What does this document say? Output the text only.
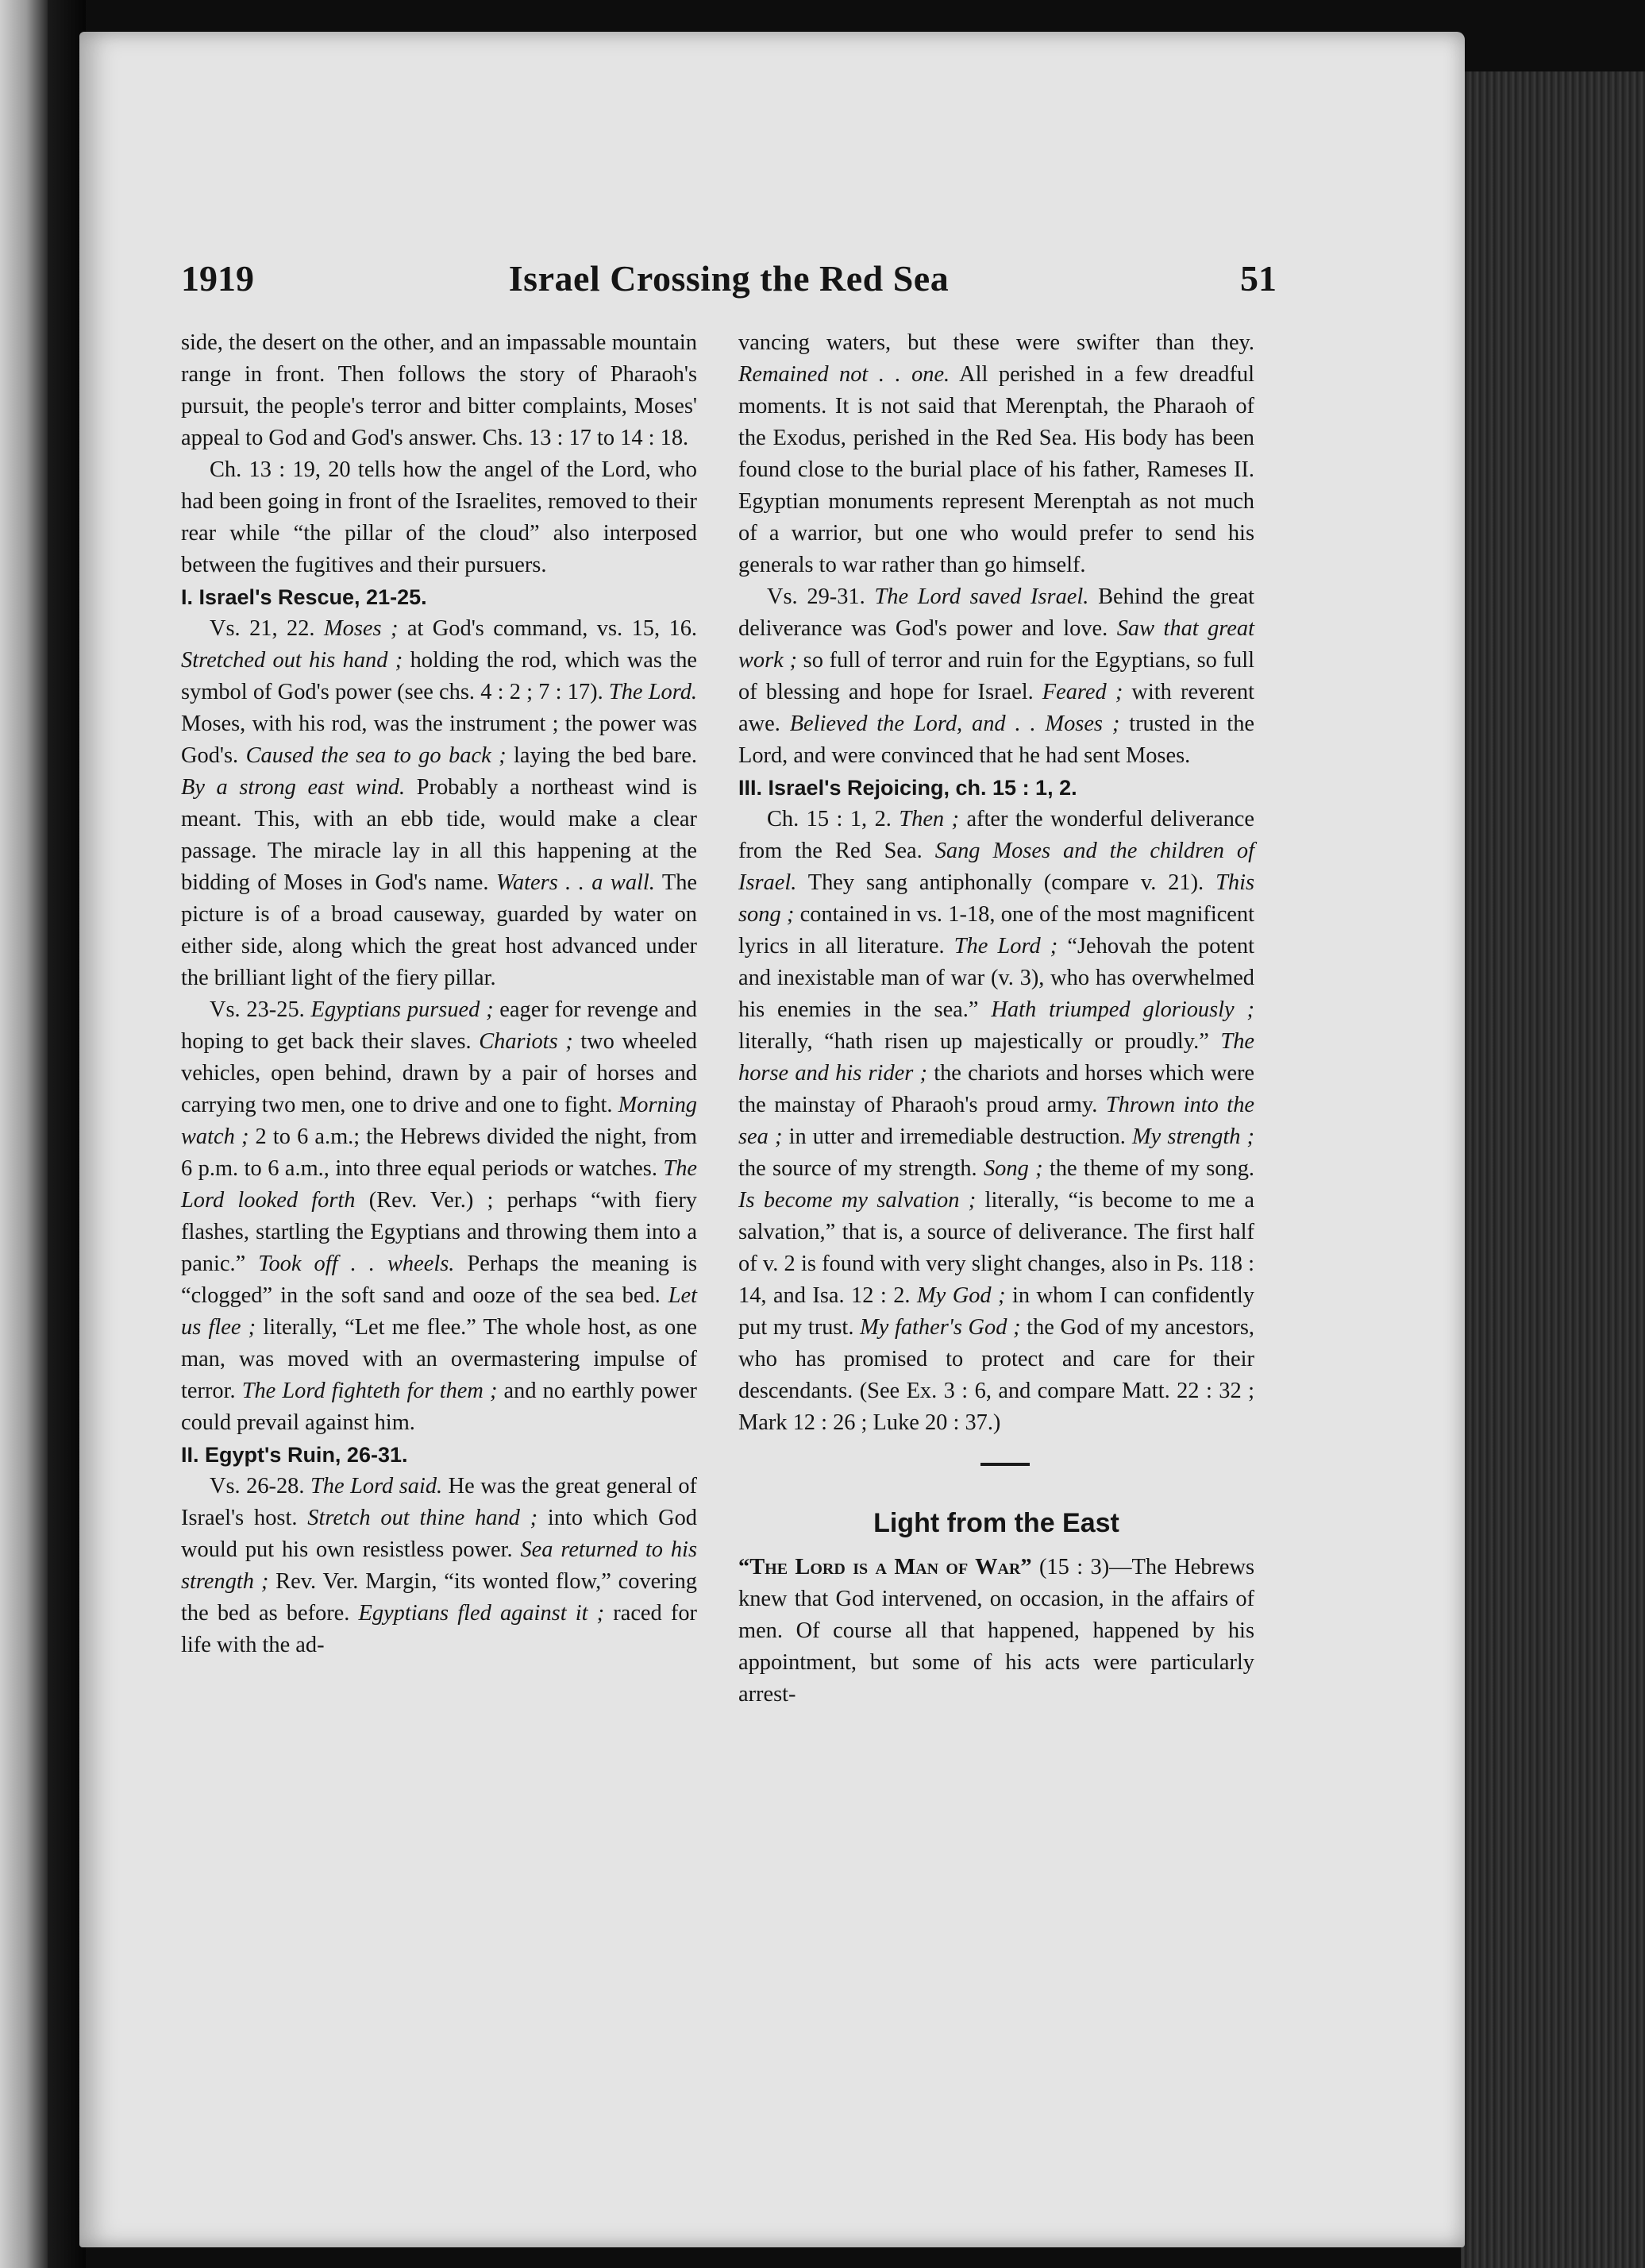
1919	Israel Crossing the Red Sea	51

side, the desert on the other, and an impassable mountain range in front. Then follows the story of Pharaoh's pursuit, the people's terror and bitter complaints, Moses' appeal to God and God's answer. Chs. 13 : 17 to 14 : 18.

Ch. 13 : 19, 20 tells how the angel of the Lord, who had been going in front of the Israelites, removed to their rear while “the pillar of the cloud” also interposed between the fugitives and their pursuers.

I. Israel's Rescue, 21-25.

Vs. 21, 22. Moses ; at God's command, vs. 15, 16. Stretched out his hand ; holding the rod, which was the symbol of God's power (see chs. 4 : 2 ; 7 : 17). The Lord. Moses, with his rod, was the instrument ; the power was God's. Caused the sea to go back ; laying the bed bare. By a strong east wind. Probably a northeast wind is meant. This, with an ebb tide, would make a clear passage. The miracle lay in all this happening at the bidding of Moses in God's name. Waters . . a wall. The picture is of a broad causeway, guarded by water on either side, along which the great host advanced under the brilliant light of the fiery pillar.

Vs. 23-25. Egyptians pursued ; eager for revenge and hoping to get back their slaves. Chariots ; two wheeled vehicles, open behind, drawn by a pair of horses and carrying two men, one to drive and one to fight. Morning watch ; 2 to 6 a.m.; the Hebrews divided the night, from 6 p.m. to 6 a.m., into three equal periods or watches. The Lord looked forth (Rev. Ver.) ; perhaps “with fiery flashes, startling the Egyptians and throwing them into a panic.” Took off . . wheels. Perhaps the meaning is “clogged” in the soft sand and ooze of the sea bed. Let us flee ; literally, “Let me flee.” The whole host, as one man, was moved with an overmastering impulse of terror. The Lord fighteth for them ; and no earthly power could prevail against him.

II. Egypt's Ruin, 26-31.

Vs. 26-28. The Lord said. He was the great general of Israel's host. Stretch out thine hand ; into which God would put his own resistless power. Sea returned to his strength ; Rev. Ver. Margin, “its wonted flow,” covering the bed as before. Egyptians fled against it ; raced for life with the ad-

vancing waters, but these were swifter than they. Remained not . . one. All perished in a few dreadful moments. It is not said that Merenptah, the Pharaoh of the Exodus, perished in the Red Sea. His body has been found close to the burial place of his father, Rameses II. Egyptian monuments represent Merenptah as not much of a warrior, but one who would prefer to send his generals to war rather than go himself.

Vs. 29-31. The Lord saved Israel. Behind the great deliverance was God's power and love. Saw that great work ; so full of terror and ruin for the Egyptians, so full of blessing and hope for Israel. Feared ; with reverent awe. Believed the Lord, and . . Moses ; trusted in the Lord, and were convinced that he had sent Moses.

III. Israel's Rejoicing, ch. 15 : 1, 2.

Ch. 15 : 1, 2. Then ; after the wonderful deliverance from the Red Sea. Sang Moses and the children of Israel. They sang antiphonally (compare v. 21). This song ; contained in vs. 1-18, one of the most magnificent lyrics in all literature. The Lord ; “Jehovah the potent and inexistable man of war (v. 3), who has overwhelmed his enemies in the sea.” Hath triumped gloriously ; literally, “hath risen up majestically or proudly.” The horse and his rider ; the chariots and horses which were the mainstay of Pharaoh's proud army. Thrown into the sea ; in utter and irremediable destruction. My strength ; the source of my strength. Song ; the theme of my song. Is become my salvation ; literally, “is become to me a salvation,” that is, a source of deliverance. The first half of v. 2 is found with very slight changes, also in Ps. 118 : 14, and Isa. 12 : 2. My God ; in whom I can confidently put my trust. My father's God ; the God of my ancestors, who has promised to protect and care for their descendants. (See Ex. 3 : 6, and compare Matt. 22 : 32 ; Mark 12 : 26 ; Luke 20 : 37.)

Light from the East

“The Lord is a Man of War” (15 : 3)—The Hebrews knew that God intervened, on occasion, in the affairs of men. Of course all that happened, happened by his appointment, but some of his acts were particularly arrest-
